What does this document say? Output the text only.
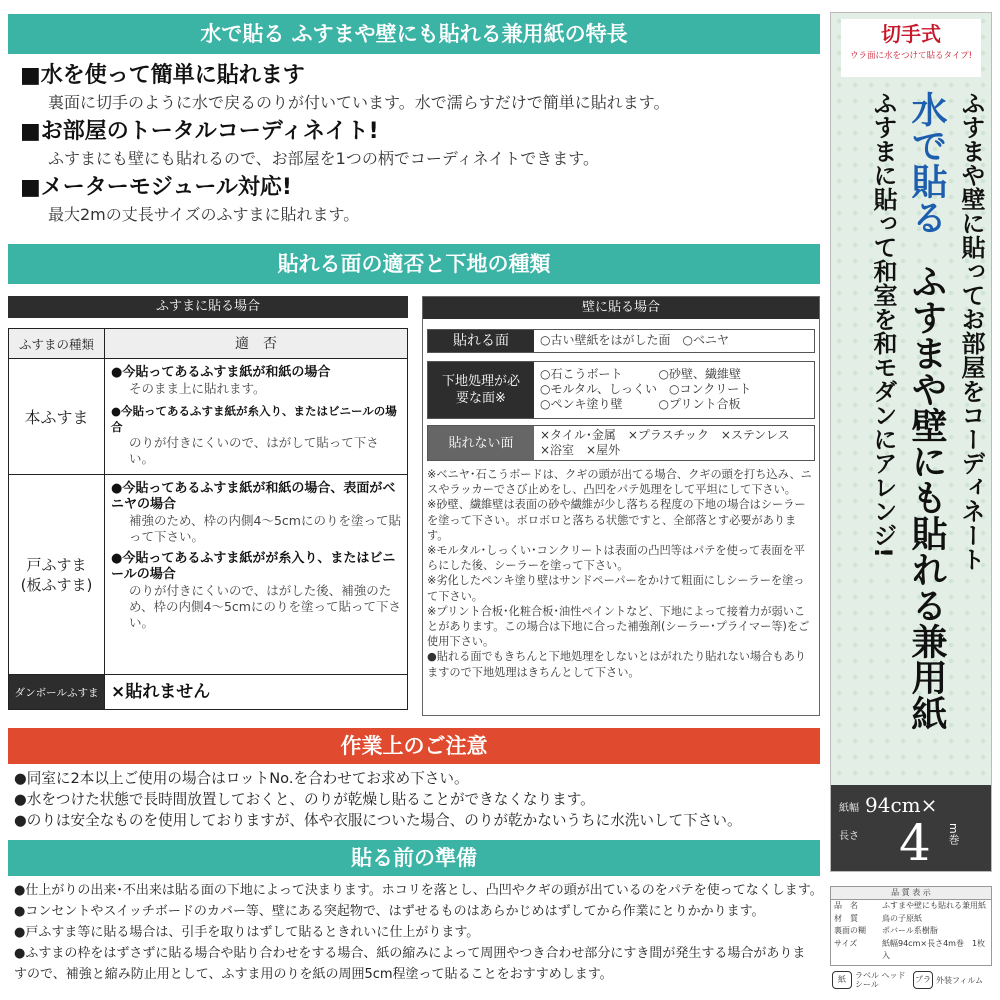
水で貼る ふすまや壁にも貼れる兼用紙の特長
■水を使って簡単に貼れます

裏面に切手のように水で戻るのりが付いています。水で濡らすだけで簡単に貼れます。

■お部屋のトータルコーディネイト!

ふすまにも壁にも貼れるので、お部屋を1つの柄でコーディネイトできます。

■メーターモジュール対応!

最大2mの丈長サイズのふすまに貼れます。

貼れる面の適否と下地の種類
ふすまに貼る場合
ふすまの種類	適　否
本ふすま
●今貼ってあるふすま紙が和紙の場合
そのまま上に貼れます。
●今貼ってあるふすま紙が糸入り、またはビニールの場合
のりが付きにくいので、はがして貼って下さい。
戸ふすま
(板ふすま)
●今貼ってあるふすま紙が和紙の場合、表面がベニヤの場合
補強のため、枠の内側4～5cmにのりを塗って貼って下さい。
●今貼ってあるふすま紙がが糸入り、またはビニールの場合
のりが付きにくいので、はがした後、補強のため、枠の内側4～5cmにのりを塗って貼って下さい。
ダンボールふすま ×貼れません
壁に貼る場合
貼れる面	○古い壁紙をはがした面　○ベニヤ
下地処理が必要な面※
○石こうボート　　　○砂壁、繊維壁
○モルタル、しっくい　○コンクリート
○ペンキ塗り壁　　　○プリント合板
貼れない面
×タイル･金属　×プラスチック　×ステンレス
×浴室　×屋外
※ベニヤ･石こうボードは、クギの頭が出てる場合、クギの頭を打ち込み、ニスやラッカーでさび止めをし、凸凹をパテ処理をして平坦にして下さい。
※砂壁、繊維壁は表面の砂や繊維が少し落ちる程度の下地の場合はシーラーを塗って下さい。ボロボロと落ちる状態ですと、全部落とす必要があります。
※モルタル･しっくい･コンクリートは表面の凸凹等はパテを使って表面を平らにした後、シーラーを塗って下さい。
※劣化したペンキ塗り壁はサンドペーパーをかけて粗面にしシーラーを塗って下さい。
※プリント合板･化粧合板･油性ペイントなど、下地によって接着力が弱いことがあります。この場合は下地に合った補強剤(シーラー･プライマー等)をご使用下さい。
●貼れる面でもきちんと下地処理をしないとはがれたり貼れない場合もありますので下地処理はきちんとして下さい。
作業上のご注意
●同室に2本以上ご使用の場合はロットNo.を合わせてお求め下さい。
●水をつけた状態で長時間放置しておくと、のりが乾燥し貼ることができなくなります。
●のりは安全なものを使用しておりますが、体や衣服についた場合、のりが乾かないうちに水洗いして下さい。
貼る前の準備
●仕上がりの出来･不出来は貼る面の下地によって決まります。ホコリを落とし、凸凹やクギの頭が出ているのをパテを使ってなくします。
●コンセントやスイッチボードのカバー等、壁にある突起物で、はずせるものはあらかじめはずしてから作業にとりかかります。
●戸ふすま等に貼る場合は、引手を取りはずして貼るときれいに仕上がります。
●ふすまの枠をはずさずに貼る場合や貼り合わせをする場合、紙の縮みによって周囲やつき合わせ部分にすき間が発生する場合がありま
すので、補強と縮み防止用として、ふすま用のりを紙の周囲5cm程塗って貼ることをおすすめします。
切手式
ウラ面に水をつけて貼るタイプ!
ふすまや壁に貼ってお部屋をコーディネート
水で貼る
ふすまや壁にも貼れる兼用紙
ふすまに貼って和室を和モダンにアレンジ!
紙幅 94cm×
長さ 4 m巻
品 質 表 示
品　名	ふすまや壁にも貼れる兼用紙
材　質	鳥の子原紙
裏面の糊	ポバール系樹脂
サイズ	紙幅94cm×長さ4m巻　1枚入
紙	ラベル ヘッドシール
プラ 外装フィルム
